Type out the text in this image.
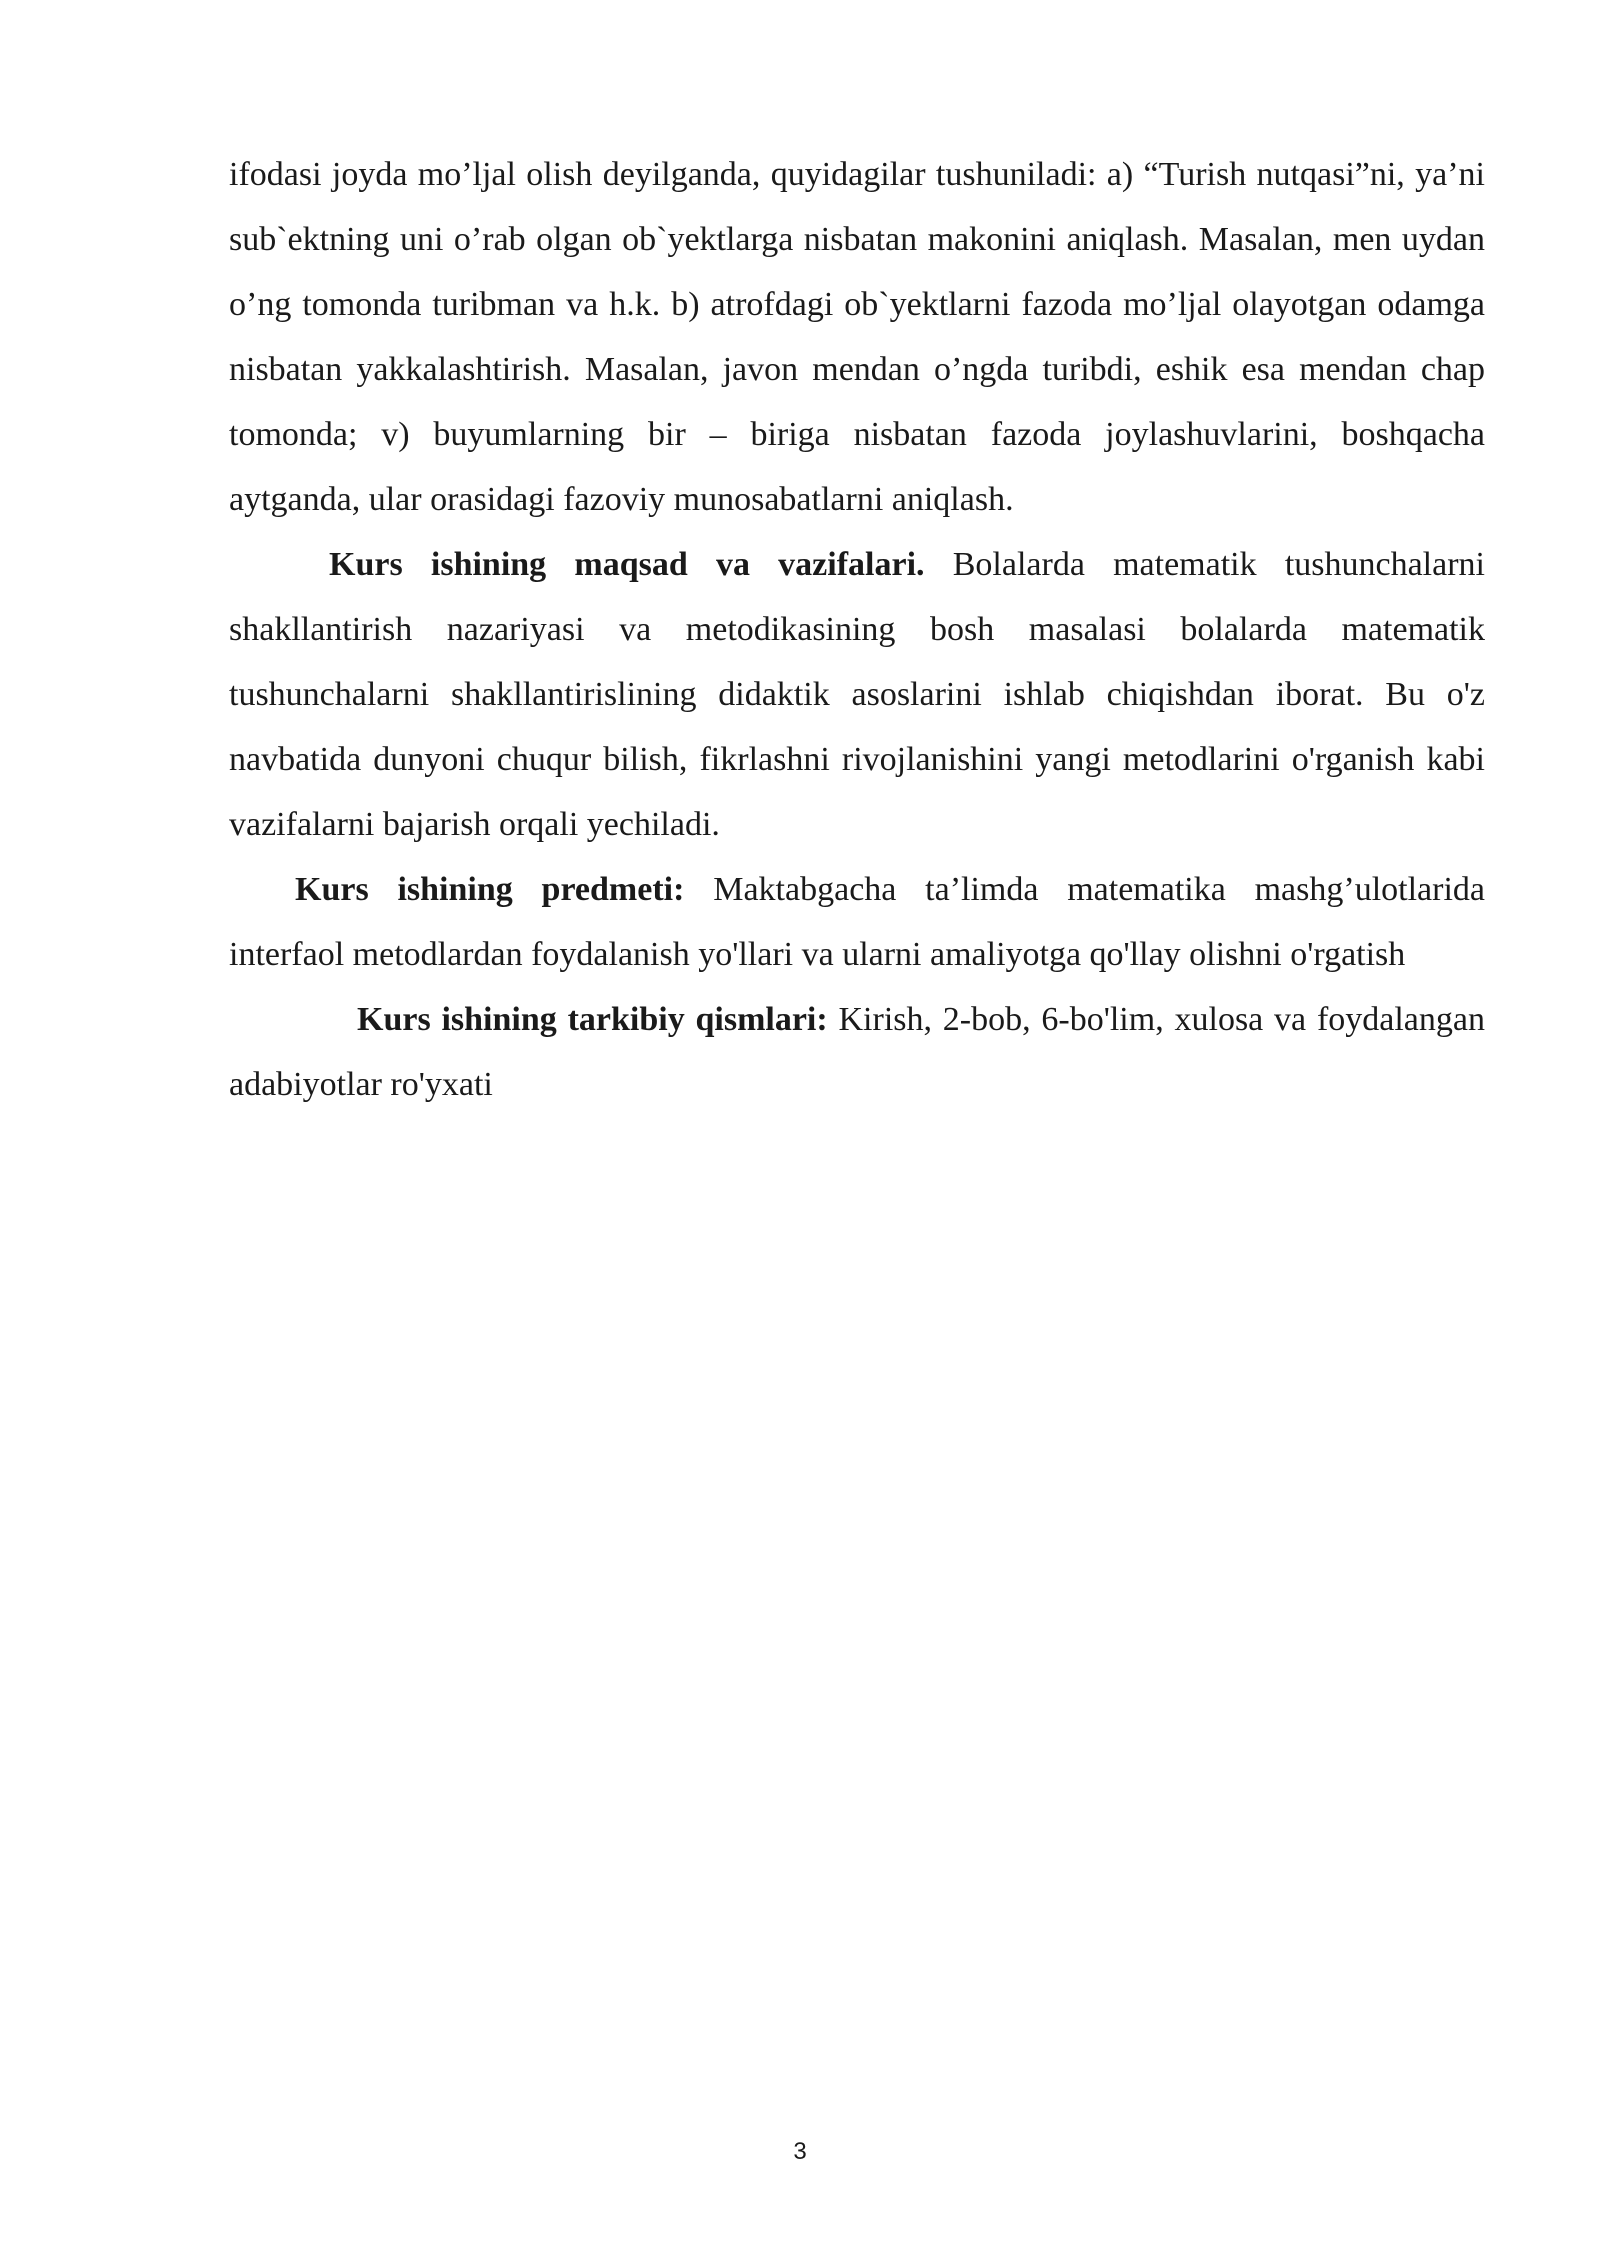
ifodasi joyda mo’ljal olish deyilganda, quyidagilar tushuniladi: a) “Turish nutqasi”ni, ya’ni sub`ektning uni o’rab olgan ob`yektlarga nisbatan makonini aniqlash. Masalan, men uydan o’ng tomonda turibman va h.k. b) atrofdagi ob`yektlarni fazoda mo’ljal olayotgan odamga nisbatan yakkalashtirish. Masalan, javon mendan o’ngda turibdi, eshik esa mendan chap tomonda; v) buyumlarning bir – biriga nisbatan fazoda joylashuvlarini, boshqacha aytganda, ular orasidagi fazoviy munosabatlarni aniqlash.

Kurs ishining maqsad va vazifalari. Bolalarda matematik tushunchalarni shakllantirish nazariyasi va metodikasining bosh masalasi bolalarda matematik tushunchalarni shakllantirislining didaktik asoslarini ishlab chiqishdan iborat. Bu o'z navbatida dunyoni chuqur bilish, fikrlashni rivojlanishini yangi metodlarini o'rganish kabi vazifalarni bajarish orqali yechiladi.

Kurs ishining predmeti: Maktabgacha ta’limda matematika mashg’ulotlarida interfaol metodlardan foydalanish yo'llari va ularni amaliyotga qo'llay olishni o'rgatish

Kurs ishining tarkibiy qismlari: Kirish, 2-bob, 6-bo'lim, xulosa va foydalangan adabiyotlar ro'yxati

3
